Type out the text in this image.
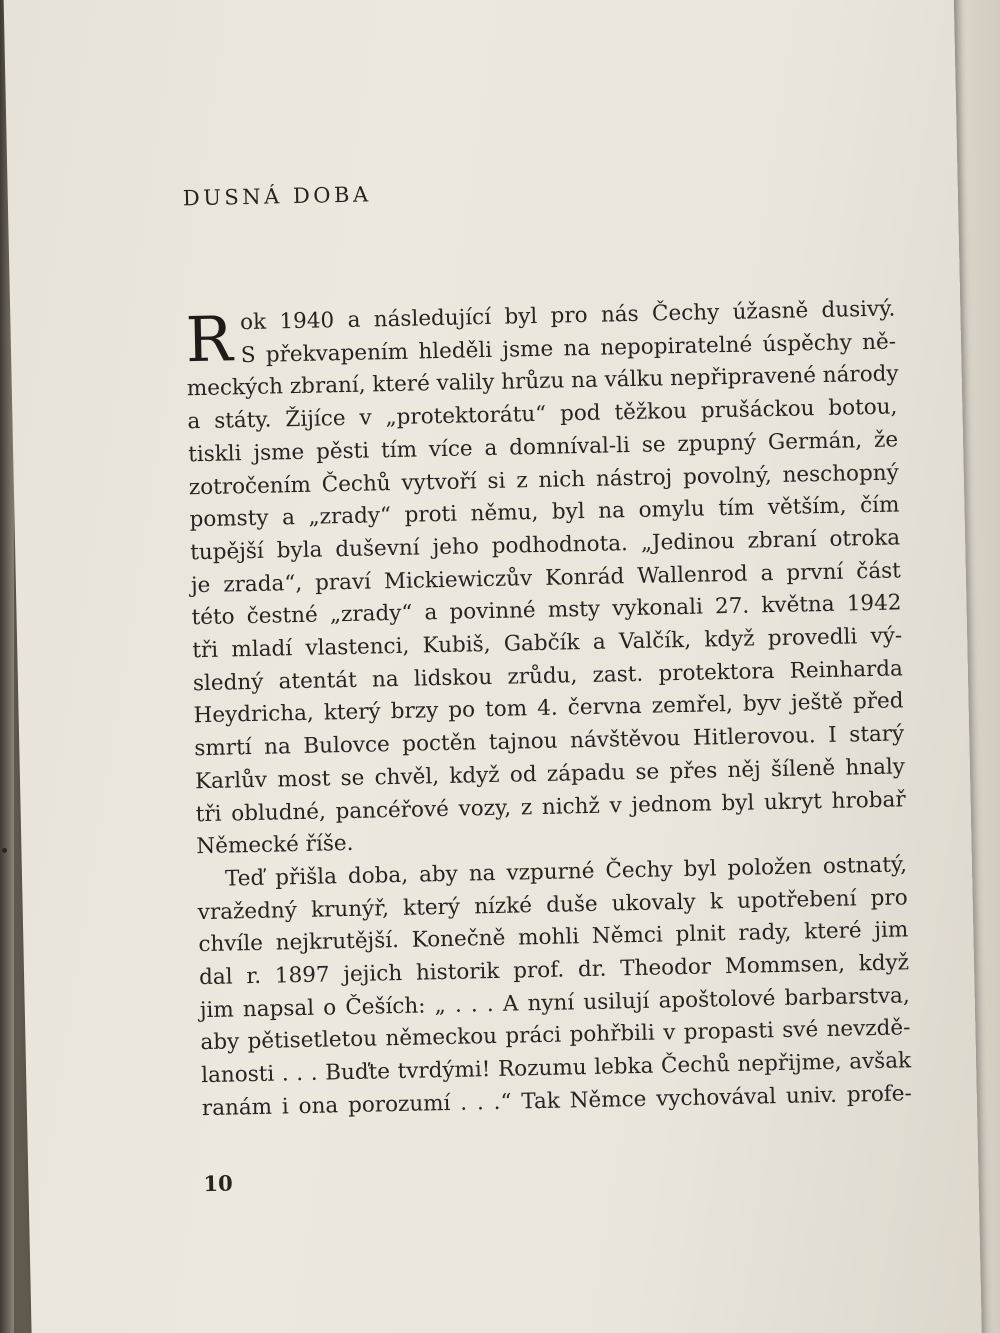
DUSNÁ DOBA
R ok 1940 a následující byl pro nás Čechy úžasně dusivý.
S překvapením hleděli jsme na nepopiratelné úspěchy ně-
meckých zbraní, které valily hrůzu na válku nepřipravené národy
a státy. Žijíce v „protektorátu“ pod těžkou prušáckou botou,
tiskli jsme pěsti tím více a domníval-li se zpupný Germán, že
zotročením Čechů vytvoří si z nich nástroj povolný, neschopný
pomsty a „zrady“ proti němu, byl na omylu tím větším, čím
tupější byla duševní jeho podhodnota. „Jedinou zbraní otroka
je zrada“, praví Mickiewiczův Konrád Wallenrod a první část
této čestné „zrady“ a povinné msty vykonali 27. května 1942
tři mladí vlastenci, Kubiš, Gabčík a Valčík, když provedli vý-
sledný atentát na lidskou zrůdu, zast. protektora Reinharda
Heydricha, který brzy po tom 4. června zemřel, byv ještě před
smrtí na Bulovce poctěn tajnou návštěvou Hitlerovou. I starý
Karlův most se chvěl, když od západu se přes něj šíleně hnaly
tři obludné, pancéřové vozy, z nichž v jednom byl ukryt hrobař
Německé říše.
Teď přišla doba, aby na vzpurné Čechy byl položen ostnatý,
vražedný krunýř, který nízké duše ukovaly k upotřebení pro
chvíle nejkrutější. Konečně mohli Němci plnit rady, které jim
dal r. 1897 jejich historik prof. dr. Theodor Mommsen, když
jim napsal o Češích: „ . . . A nyní usilují apoštolové barbarstva,
aby pětisetletou německou práci pohřbili v propasti své nevzdě-
lanosti . . . Buďte tvrdými! Rozumu lebka Čechů nepřijme, avšak
ranám i ona porozumí . . .“ Tak Němce vychovával univ. profe-
10
